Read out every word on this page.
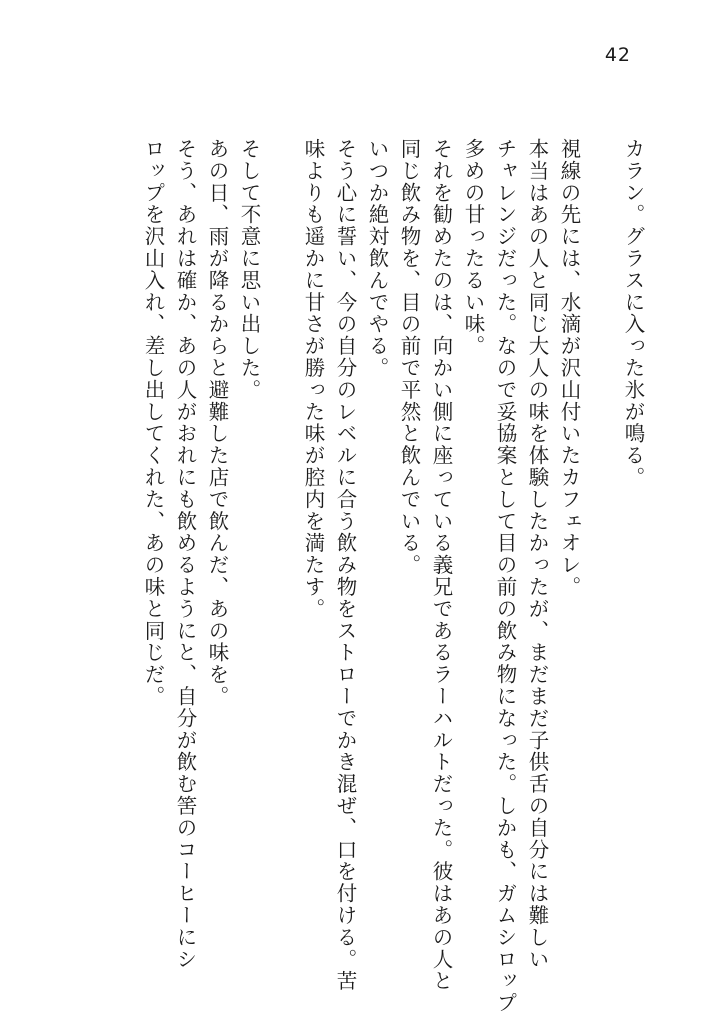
42
カラン。グラスに入った氷が鳴る。
視線の先には、水滴が沢山付いたカフェオレ。
本当はあの人と同じ大人の味を体験したかったが、まだまだ子供舌の自分には難しい
チャレンジだった。なので妥協案として目の前の飲み物になった。しかも、ガムシロップ
多めの甘ったるい味。
それを勧めたのは、向かい側に座っている義兄であるラーハルトだった。彼はあの人と
同じ飲み物を、目の前で平然と飲んでいる。
いつか絶対飲んでやる。
そう心に誓い、今の自分のレベルに合う飲み物をストローでかき混ぜ、口を付ける。苦
味よりも遥かに甘さが勝った味が腔内を満たす。
そして不意に思い出した。
あの日、雨が降るからと避難した店で飲んだ、あの味を。
そう、あれは確か、あの人がおれにも飲めるようにと、自分が飲む筈のコーヒーにシ
ロップを沢山入れ、差し出してくれた、あの味と同じだ。
